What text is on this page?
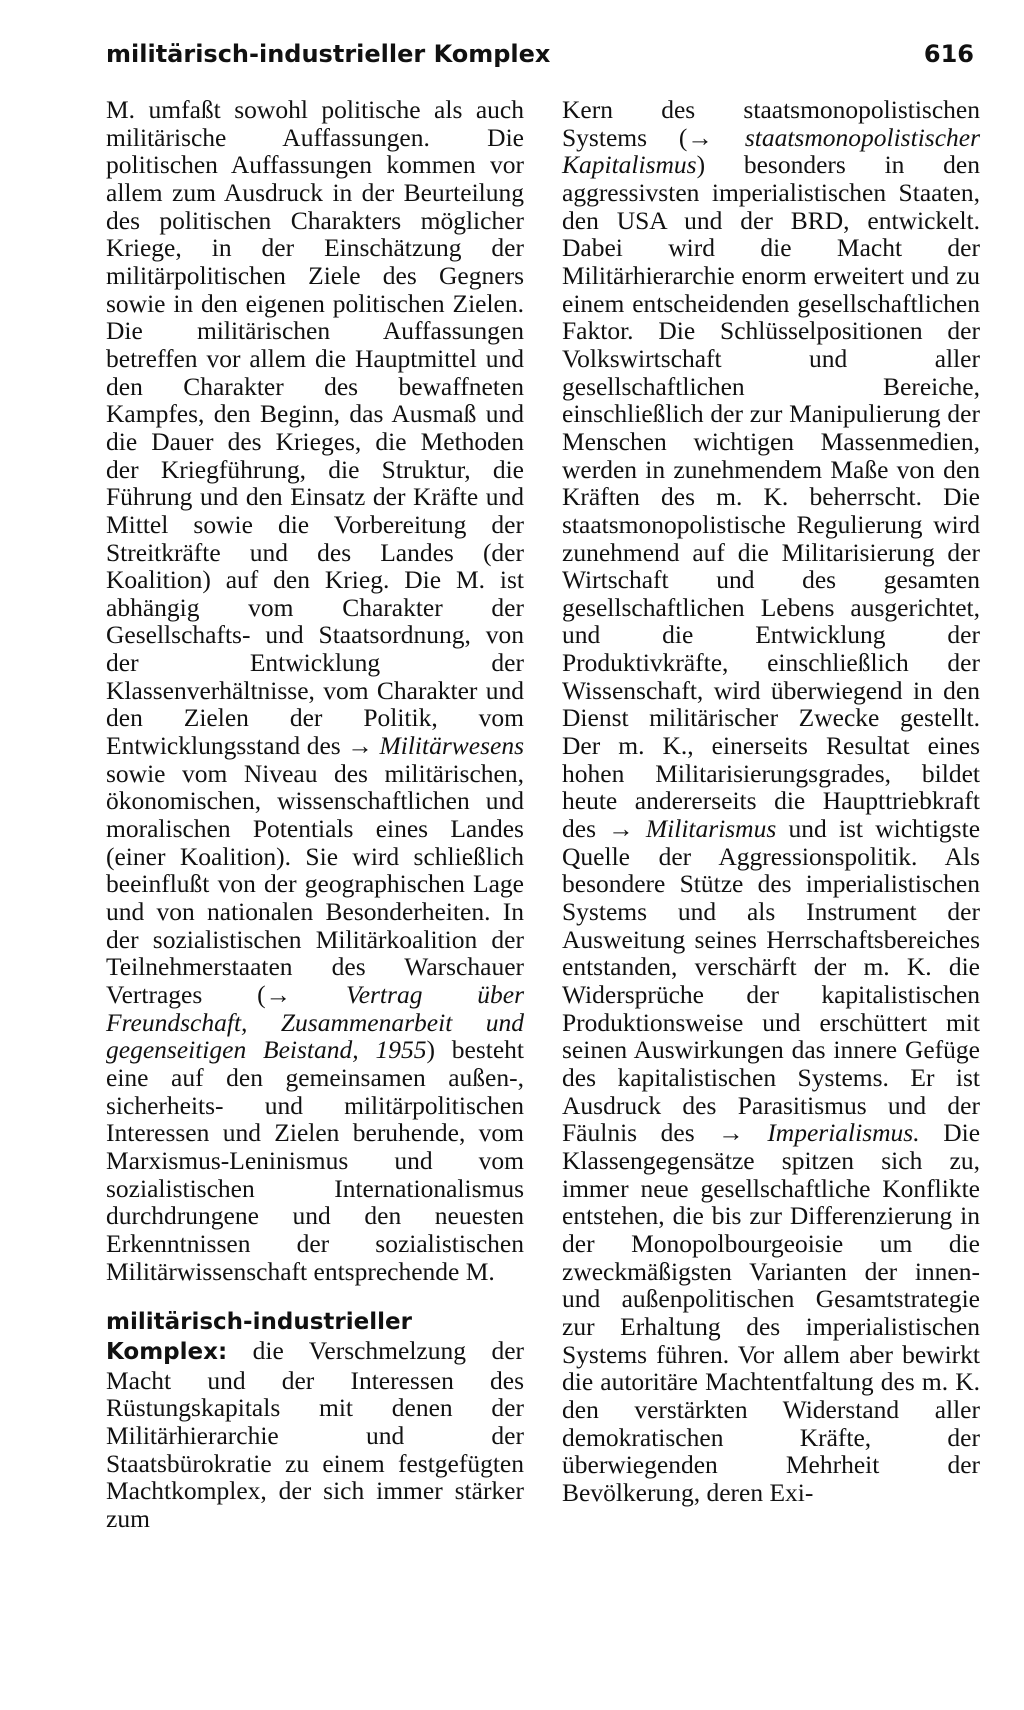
militärisch-industrieller Komplex	616

M. umfaßt sowohl politische als auch militärische Auffassungen. Die politischen Auffassungen kommen vor allem zum Ausdruck in der Beurteilung des politischen Charakters möglicher Kriege, in der Einschätzung der militärpolitischen Ziele des Gegners sowie in den eigenen politischen Zielen. Die militärischen Auffassungen betreffen vor allem die Hauptmittel und den Charakter des bewaffneten Kampfes, den Beginn, das Ausmaß und die Dauer des Krieges, die Methoden der Kriegführung, die Struktur, die Führung und den Einsatz der Kräfte und Mittel sowie die Vorbereitung der Streitkräfte und des Landes (der Koalition) auf den Krieg. Die M. ist abhängig vom Charakter der Gesellschafts- und Staatsordnung, von der Entwicklung der Klassenverhältnisse, vom Charakter und den Zielen der Politik, vom Entwicklungsstand des → Militärwesens sowie vom Niveau des militärischen, ökonomischen, wissenschaftlichen und moralischen Potentials eines Landes (einer Koalition). Sie wird schließlich beeinflußt von der geographischen Lage und von nationalen Besonderheiten. In der sozialistischen Militärkoalition der Teilnehmerstaaten des Warschauer Vertrages (→ Vertrag über Freundschaft, Zusammenarbeit und gegenseitigen Beistand, 1955) besteht eine auf den gemeinsamen außen-, sicherheits- und militärpolitischen Interessen und Zielen beruhende, vom Marxismus-Leninismus und vom sozialistischen Internationalismus durchdrungene und den neuesten Erkenntnissen der sozialistischen Militärwissenschaft entsprechende M.

militärisch-industrieller Komplex: die Verschmelzung der Macht und der Interessen des Rüstungskapitals mit denen der Militärhierarchie und der Staatsbürokratie zu einem festgefügten Machtkomplex, der sich immer stärker zum

Kern des staatsmonopolistischen Systems (→ staatsmonopolistischer Kapitalismus) besonders in den aggressivsten imperialistischen Staaten, den USA und der BRD, entwickelt. Dabei wird die Macht der Militärhierarchie enorm erweitert und zu einem entscheidenden gesellschaftlichen Faktor. Die Schlüsselpositionen der Volkswirtschaft und aller gesellschaftlichen Bereiche, einschließlich der zur Manipulierung der Menschen wichtigen Massenmedien, werden in zunehmendem Maße von den Kräften des m. K. beherrscht. Die staatsmonopolistische Regulierung wird zunehmend auf die Militarisierung der Wirtschaft und des gesamten gesellschaftlichen Lebens ausgerichtet, und die Entwicklung der Produktivkräfte, einschließlich der Wissenschaft, wird überwiegend in den Dienst militärischer Zwecke gestellt. Der m. K., einerseits Resultat eines hohen Militarisierungsgrades, bildet heute andererseits die Haupttriebkraft des → Militarismus und ist wichtigste Quelle der Aggressionspolitik. Als besondere Stütze des imperialistischen Systems und als Instrument der Ausweitung seines Herrschaftsbereiches entstanden, verschärft der m. K. die Widersprüche der kapitalistischen Produktionsweise und erschüttert mit seinen Auswirkungen das innere Gefüge des kapitalistischen Systems. Er ist Ausdruck des Parasitismus und der Fäulnis des → Imperialismus. Die Klassengegensätze spitzen sich zu, immer neue gesellschaftliche Konflikte entstehen, die bis zur Differenzierung in der Monopolbourgeoisie um die zweckmäßigsten Varianten der innen- und außenpolitischen Gesamtstrategie zur Erhaltung des imperialistischen Systems führen. Vor allem aber bewirkt die autoritäre Machtentfaltung des m. K. den verstärkten Widerstand aller demokratischen Kräfte, der überwiegenden Mehrheit der Bevölkerung, deren Exi-
